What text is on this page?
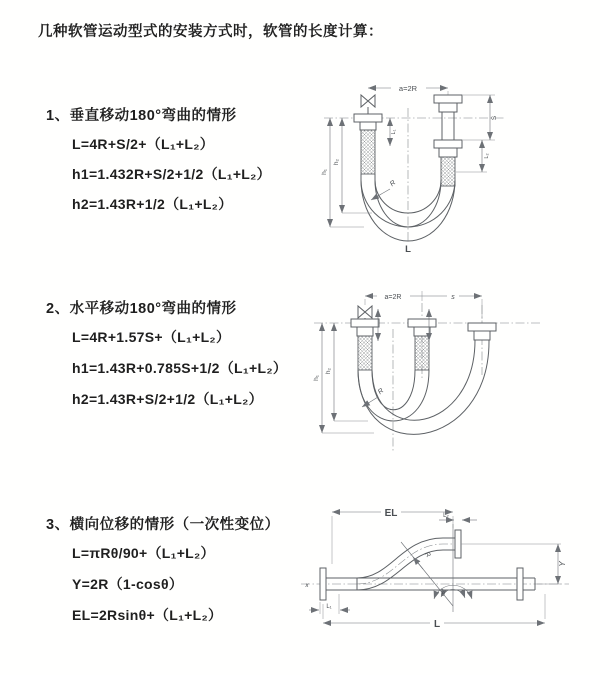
几种软管运动型式的安装方式时，软管的长度计算：
1、垂直移动180°弯曲的情形
L=4R+S/2+（L₁+L₂）
h1=1.432R+S/2+1/2（L₁+L₂）
h2=1.43R+1/2（L₁+L₂）
2、水平移动180°弯曲的情形
L=4R+1.57S+（L₁+L₂）
h1=1.43R+0.785S+1/2（L₁+L₂）
h2=1.43R+S/2+1/2（L₁+L₂）
3、横向位移的情形（一次性变位）
L=πRθ/90+（L₁+L₂）
Y=2R（1-cosθ）
EL=2Rsinθ+（L₁+L₂）
a=2R
h₁
h₂
L₁
S
L₂
R
L
a=2R	s
h₁
h₂
R
x
R
θ
EL	L₂
Y
L₁
L
